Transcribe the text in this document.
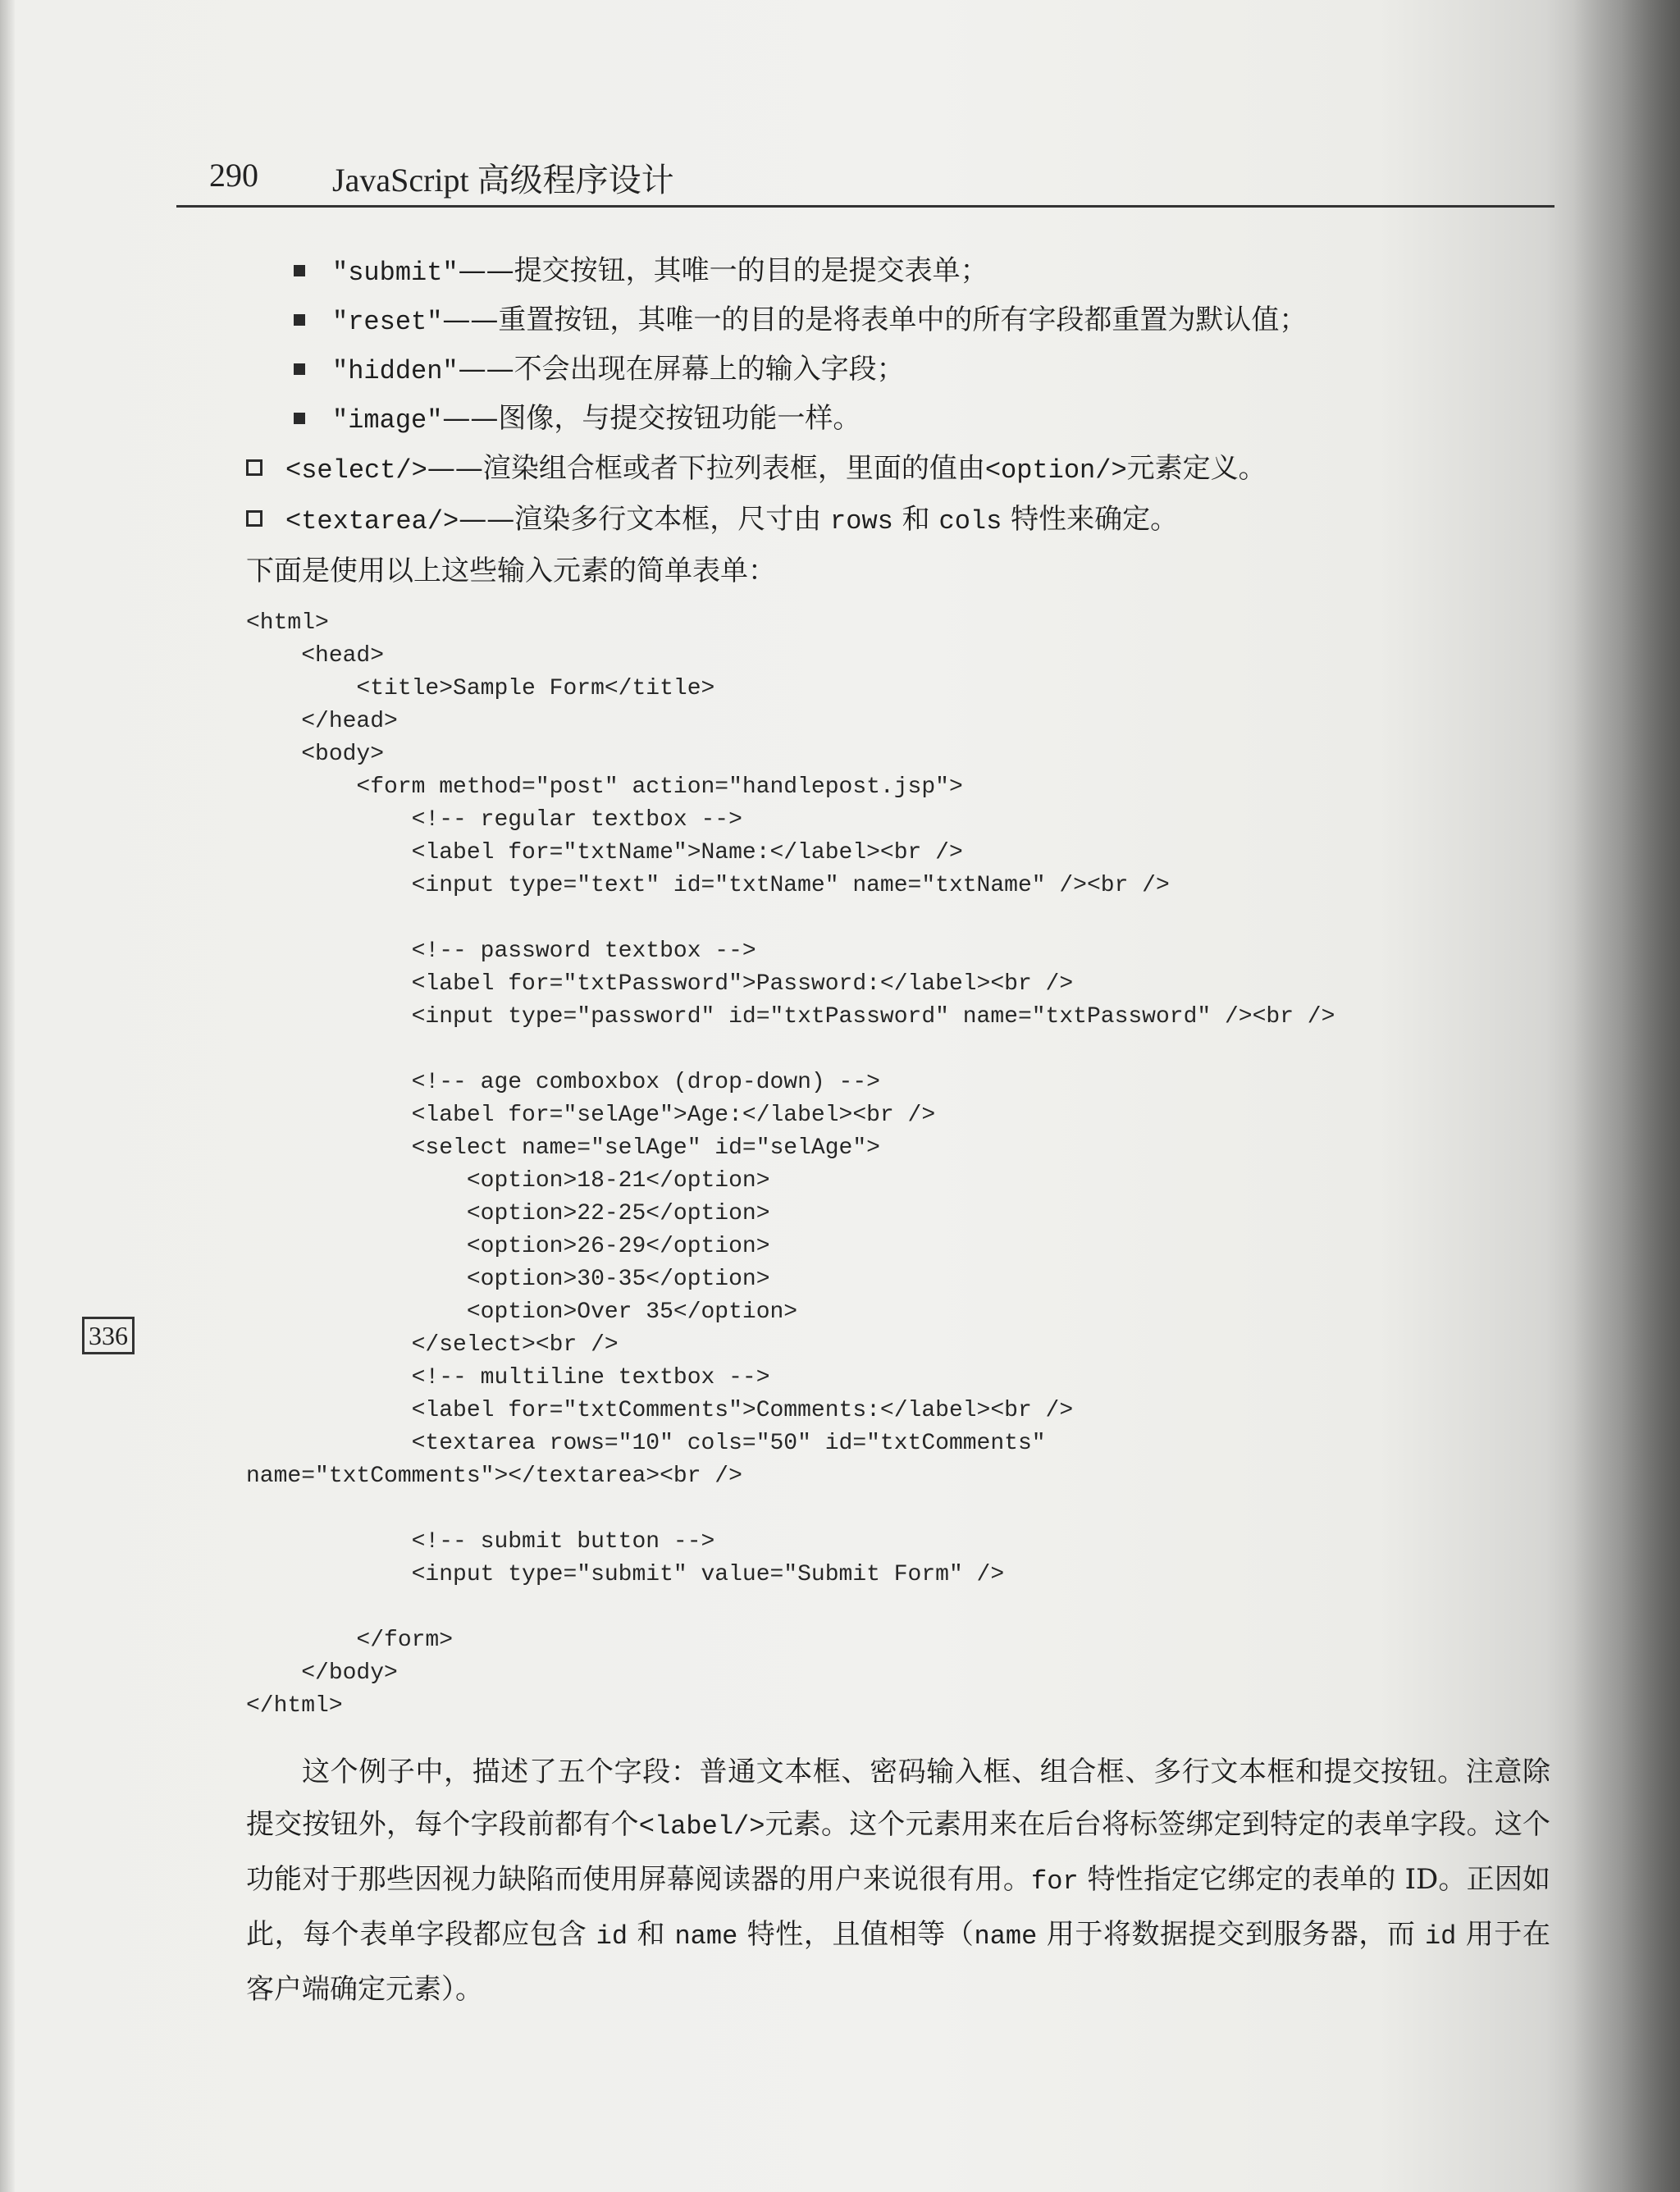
290 JavaScript 高级程序设计
"submit"——提交按钮，其唯一的目的是提交表单；
"reset"——重置按钮，其唯一的目的是将表单中的所有字段都重置为默认值；
"hidden"——不会出现在屏幕上的输入字段；
"image"——图像，与提交按钮功能一样。
<select/>——渲染组合框或者下拉列表框，里面的值由<option/>元素定义。
<textarea/>——渲染多行文本框，尺寸由 rows 和 cols 特性来确定。
下面是使用以上这些输入元素的简单表单：
<html>
<head>
<title>Sample Form</title>
</head>
<body>
<form method="post" action="handlepost.jsp">
<!-- regular textbox -->
<label for="txtName">Name:</label><br />
<input type="text" id="txtName" name="txtName" /><br />
<!-- password textbox -->
<label for="txtPassword">Password:</label><br />
<input type="password" id="txtPassword" name="txtPassword" /><br />
<!-- age comboxbox (drop-down) -->
<label for="selAge">Age:</label><br />
<select name="selAge" id="selAge">
<option>18-21</option>
<option>22-25</option>
<option>26-29</option>
<option>30-35</option>
<option>Over 35</option>
</select><br />
<!-- multiline textbox -->
<label for="txtComments">Comments:</label><br />
<textarea rows="10" cols="50" id="txtComments"
name="txtComments"></textarea><br />
<!-- submit button -->
<input type="submit" value="Submit Form" />
</form>
</body>
</html>
这个例子中，描述了五个字段：普通文本框、密码输入框、组合框、多行文本框和提交按钮。注意除提交按钮外，每个字段前都有个<label/>元素。这个元素用来在后台将标签绑定到特定的表单字段。这个功能对于那些因视力缺陷而使用屏幕阅读器的用户来说很有用。for 特性指定它绑定的表单的 ID。正因如此，每个表单字段都应包含 id 和 name 特性，且值相等（name 用于将数据提交到服务器，而 id 用于在客户端确定元素）。
336
